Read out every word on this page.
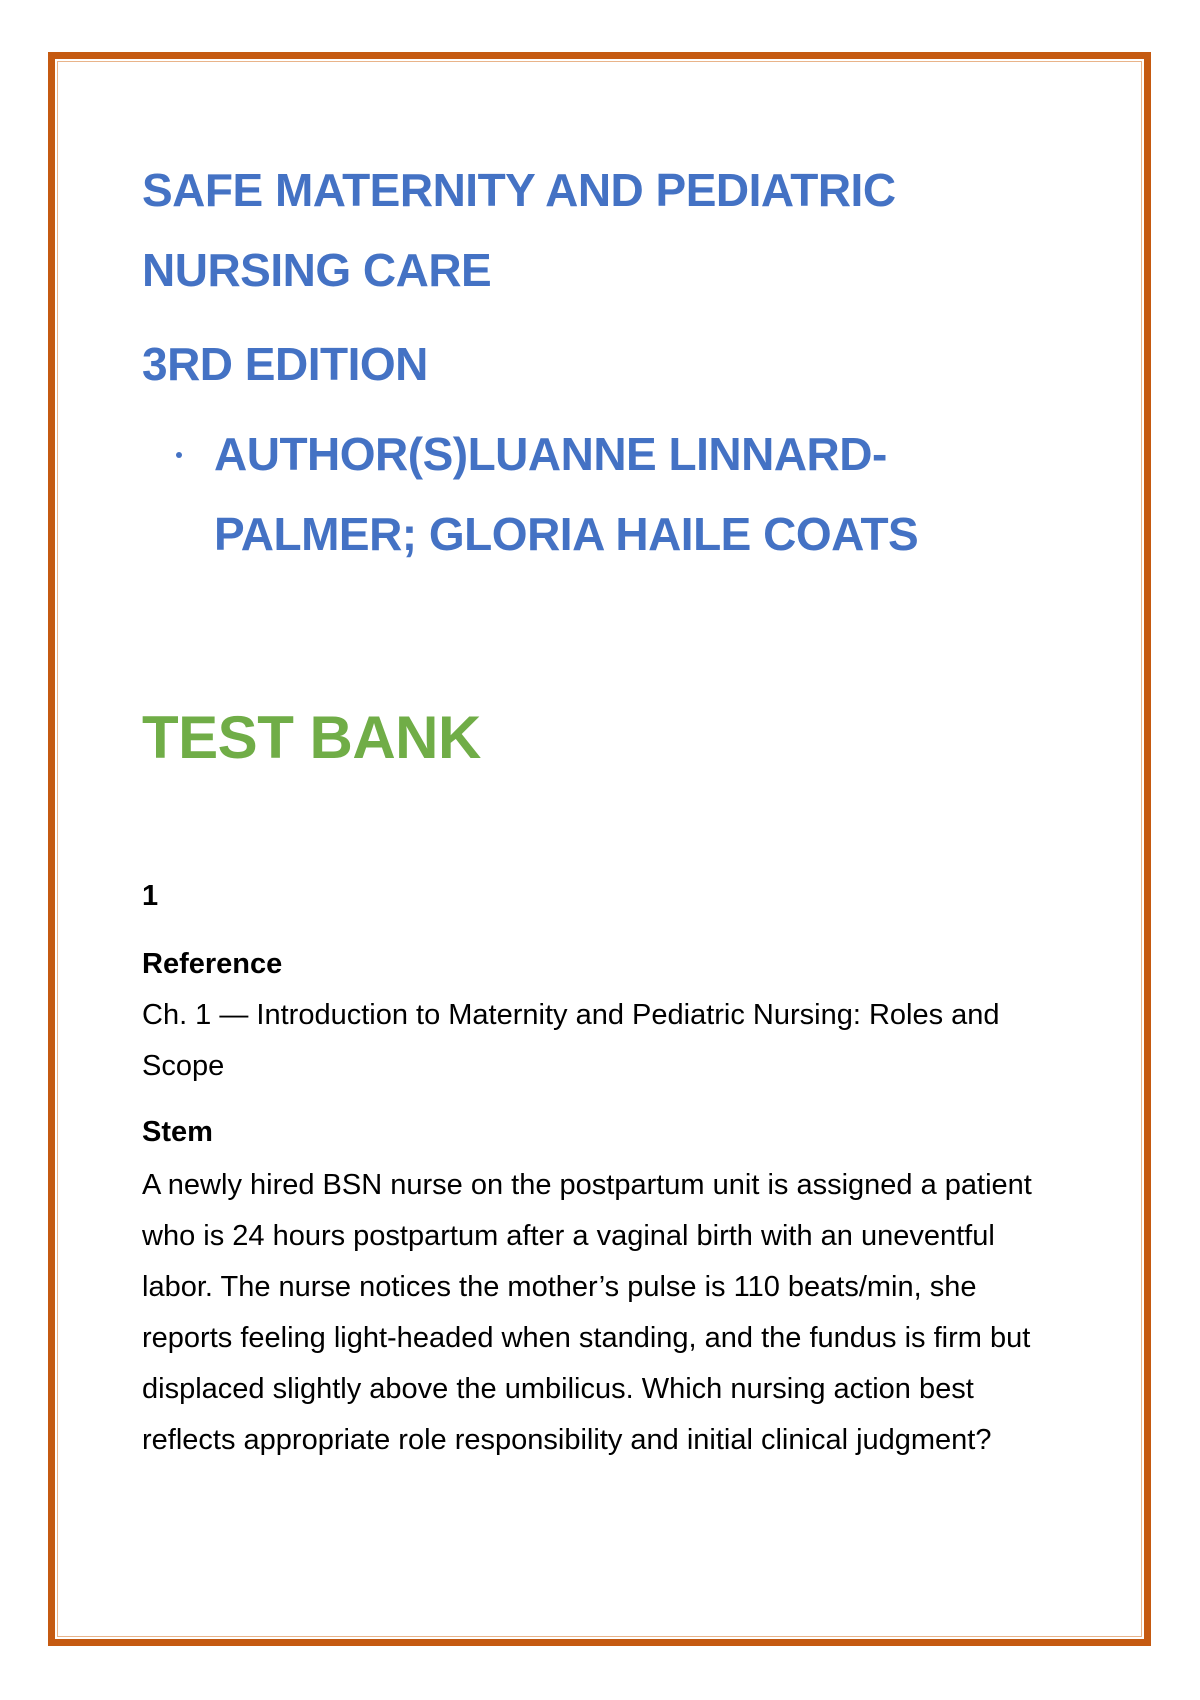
SAFE MATERNITY AND PEDIATRIC NURSING CARE
3RD EDITION
AUTHOR(S)LUANNE LINNARD-PALMER; GLORIA HAILE COATS
TEST BANK
1
Reference
Ch. 1 — Introduction to Maternity and Pediatric Nursing: Roles and Scope
Stem
A newly hired BSN nurse on the postpartum unit is assigned a patient who is 24 hours postpartum after a vaginal birth with an uneventful labor. The nurse notices the mother’s pulse is 110 beats/min, she reports feeling light-headed when standing, and the fundus is firm but displaced slightly above the umbilicus. Which nursing action best reflects appropriate role responsibility and initial clinical judgment?
